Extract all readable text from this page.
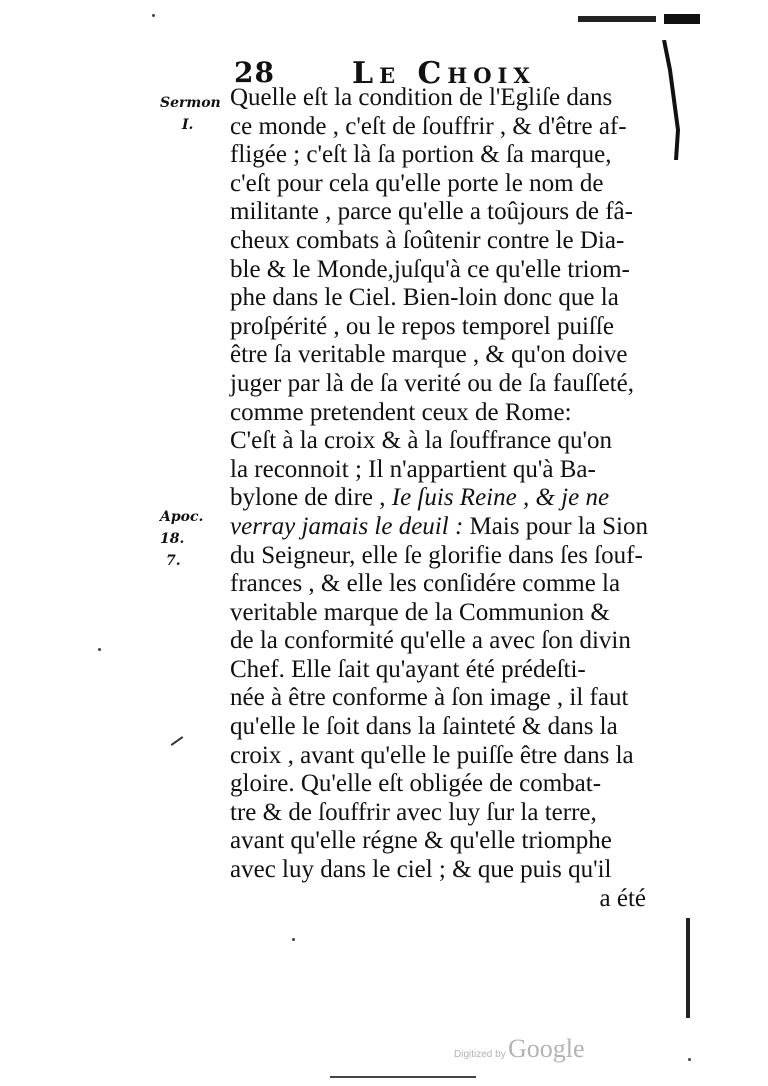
28	Le Choix
Sermon
I.
Apoc. 18.
7.
Quelle eſt la condition de l'Egliſe dans
ce monde , c'eſt de ſouffrir , & d'être af-
fligée ; c'eſt là ſa portion & ſa marque,
c'eſt pour cela qu'elle porte le nom de
militante , parce qu'elle a toûjours de fâ-
cheux combats à ſoûtenir contre le Dia-
ble & le Monde,juſqu'à ce qu'elle triom-
phe dans le Ciel. Bien-loin donc que la
proſpérité , ou le repos temporel puiſſe
être ſa veritable marque , & qu'on doive
juger par là de ſa verité ou de ſa fauſſeté,
comme pretendent ceux de Rome:
C'eſt à la croix & à la ſouffrance qu'on
la reconnoit ; Il n'appartient qu'à Ba-
bylone de dire , Ie ſuis Reine , & je ne
verray jamais le deuil : Mais pour la Sion
du Seigneur, elle ſe glorifie dans ſes ſouf-
frances , & elle les conſidére comme la
veritable marque de la Communion &
de la conformité qu'elle a avec ſon divin
Chef. Elle ſait qu'ayant été prédeſti-
née à être conforme à ſon image , il faut
qu'elle le ſoit dans la ſainteté & dans la
croix , avant qu'elle le puiſſe être dans la
gloire. Qu'elle eſt obligée de combat-
tre & de ſouffrir avec luy ſur la terre,
avant qu'elle régne & qu'elle triomphe
avec luy dans le ciel ; & que puis qu'il
a été
Digitized by Google
